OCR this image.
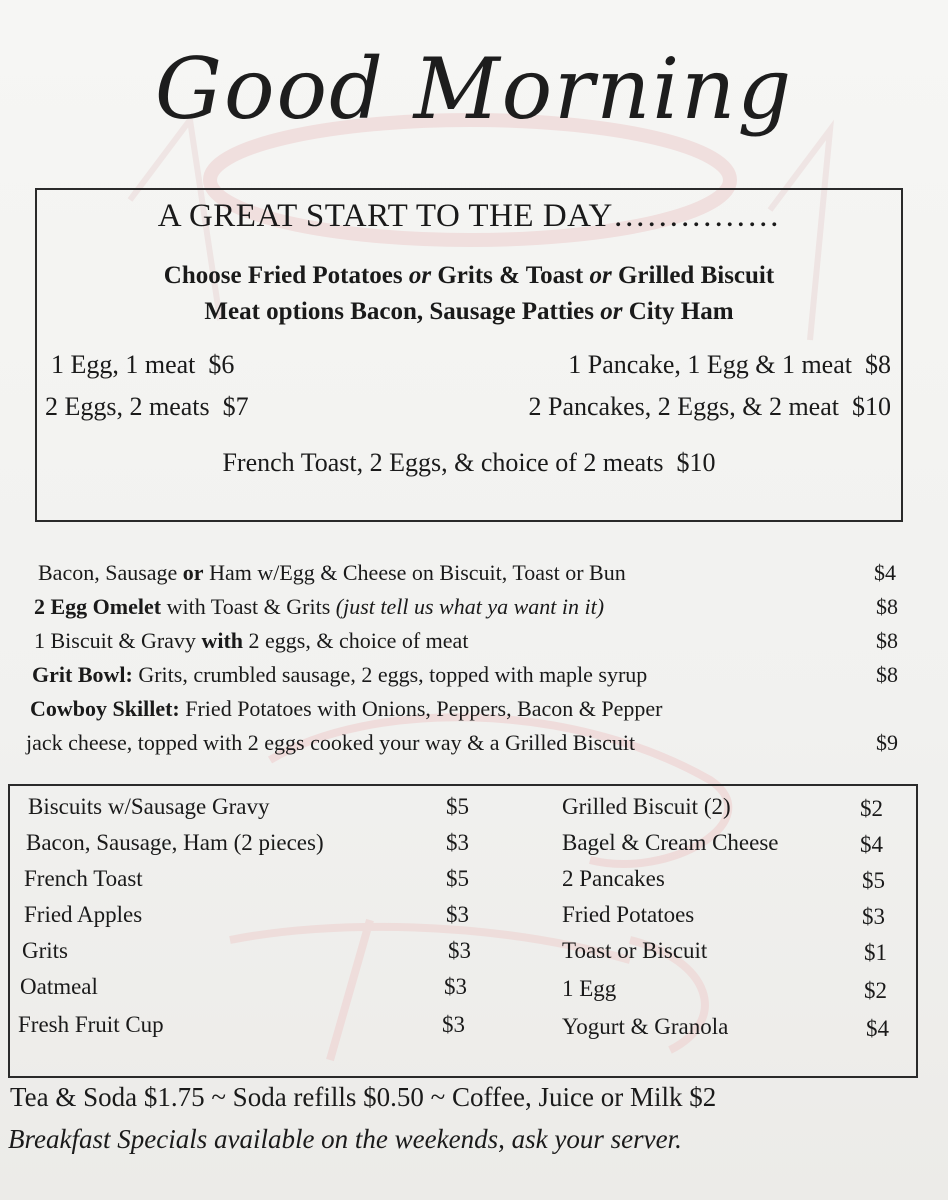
Good Morning
A GREAT START TO THE DAY……………
Choose Fried Potatoes or Grits & Toast or Grilled Biscuit
Meat options Bacon, Sausage Patties or City Ham
1 Egg, 1 meat $6	1 Pancake, 1 Egg & 1 meat $8
2 Eggs, 2 meats $7	2 Pancakes, 2 Eggs, & 2 meat $10
French Toast, 2 Eggs, & choice of 2 meats $10
Bacon, Sausage or Ham w/Egg & Cheese on Biscuit, Toast or Bun	$4
2 Egg Omelet with Toast & Grits (just tell us what ya want in it)	$8
1 Biscuit & Gravy with 2 eggs, & choice of meat	$8
Grit Bowl: Grits, crumbled sausage, 2 eggs, topped with maple syrup	$8
Cowboy Skillet: Fried Potatoes with Onions, Peppers, Bacon & Pepper
jack cheese, topped with 2 eggs cooked your way & a Grilled Biscuit	$9
Biscuits w/Sausage Gravy	$5
Bacon, Sausage, Ham (2 pieces)	$3
French Toast	$5
Fried Apples	$3
Grits	$3
Oatmeal	$3
Fresh Fruit Cup	$3
Grilled Biscuit (2)	$2
Bagel & Cream Cheese	$4
2 Pancakes	$5
Fried Potatoes	$3
Toast or Biscuit	$1
1 Egg	$2
Yogurt & Granola	$4
Tea & Soda $1.75 ~ Soda refills $0.50 ~ Coffee, Juice or Milk $2
Breakfast Specials available on the weekends, ask your server.
